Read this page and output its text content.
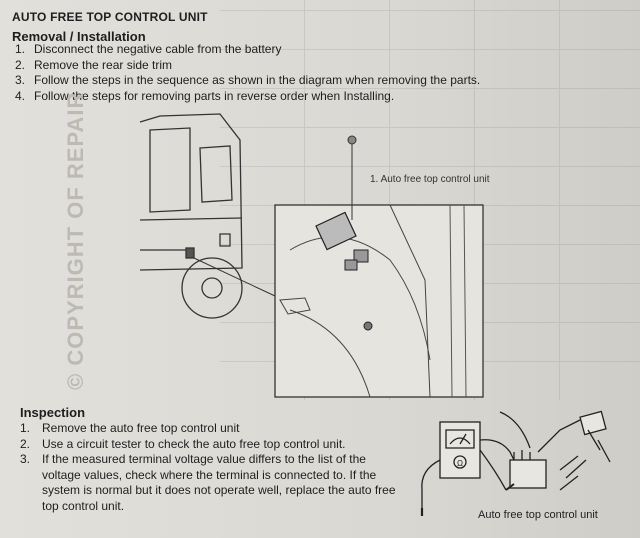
AUTO FREE TOP CONTROL UNIT
Removal / Installation
1. Disconnect the negative cable from the battery
2. Remove the rear side trim
3. Follow the steps in the sequence as shown in the diagram when removing the parts.
4. Follow the steps for removing parts in reverse order when Installing.
© COPYRIGHT OF REPAIR	1. Auto free top control unit
Inspection
1. Remove the auto free top control unit
2. Use a circuit tester to check the auto free top control unit.
3. If the measured terminal voltage value differs to the list of the voltage values, check where the terminal is connected to. If the system is normal but it does not operate well, replace the auto free top control unit.
Ω
Auto free top control unit
